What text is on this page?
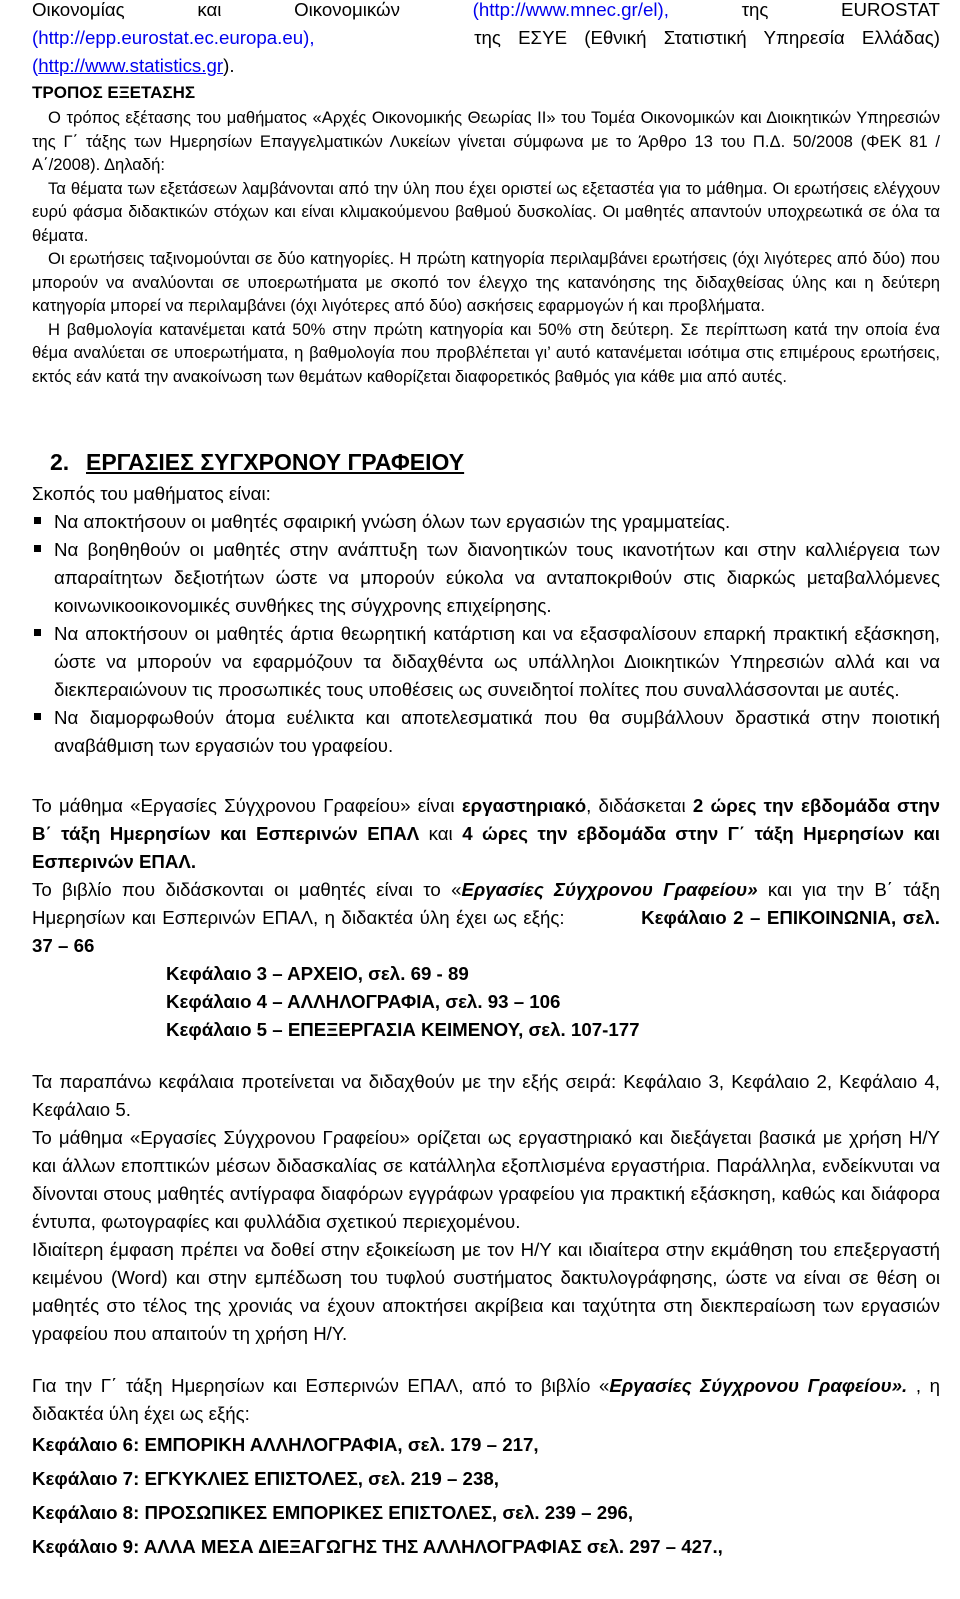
Οικονομίας	και	Οικονομικών	(http://www.mnec.gr/el),	της	EUROSTAT

(http://epp.eurostat.ec.europa.eu),	της ΕΣΥΕ (Εθνική Στατιστική Υπηρεσία Ελλάδας)

(http://www.statistics.gr).

ΤΡΟΠΟΣ ΕΞΕΤΑΣΗΣ

Ο τρόπος εξέτασης του μαθήματος «Αρχές Οικονομικής Θεωρίας ΙΙ» του Τομέα Οικονομικών και Διοικητικών Υπηρεσιών της Γ΄ τάξης των Ημερησίων Επαγγελματικών Λυκείων γίνεται σύμφωνα με το Άρθρο 13 του Π.Δ. 50/2008 (ΦΕΚ 81 /Α΄/2008). Δηλαδή:

Τα θέματα των εξετάσεων λαμβάνονται από την ύλη που έχει οριστεί ως εξεταστέα για το μάθημα. Οι ερωτήσεις ελέγχουν ευρύ φάσμα διδακτικών στόχων και είναι κλιμακούμενου βαθμού δυσκολίας. Οι μαθητές απαντούν υποχρεωτικά σε όλα τα θέματα.

Οι ερωτήσεις ταξινομούνται σε δύο κατηγορίες. Η πρώτη κατηγορία περιλαμβάνει ερωτήσεις (όχι λιγότερες από δύο) που μπορούν να αναλύονται σε υποερωτήματα με σκοπό τον έλεγχο της κατανόησης της διδαχθείσας ύλης και η δεύτερη κατηγορία μπορεί να περιλαμβάνει (όχι λιγότερες από δύο) ασκήσεις εφαρμογών ή και προβλήματα.

Η βαθμολογία κατανέμεται κατά 50% στην πρώτη κατηγορία και 50% στη δεύτερη. Σε περίπτωση κατά την οποία ένα θέμα αναλύεται σε υποερωτήματα, η βαθμολογία που προβλέπεται γι’ αυτό κατανέμεται ισότιμα στις επιμέρους ερωτήσεις, εκτός εάν κατά την ανακοίνωση των θεμάτων καθορίζεται διαφορετικός βαθμός για κάθε μια από αυτές.

2. ΕΡΓΑΣΙΕΣ ΣΥΓΧΡΟΝΟΥ ΓΡΑΦΕΙΟΥ

Σκοπός του μαθήματος είναι:

Να αποκτήσουν οι μαθητές σφαιρική γνώση όλων των εργασιών της γραμματείας.
Να βοηθηθούν οι μαθητές στην ανάπτυξη των διανοητικών τους ικανοτήτων και στην καλλιέργεια των απαραίτητων δεξιοτήτων ώστε να μπορούν εύκολα να ανταποκριθούν στις διαρκώς μεταβαλλόμενες κοινωνικοοικονομικές συνθήκες της σύγχρονης επιχείρησης.
Να αποκτήσουν οι μαθητές άρτια θεωρητική κατάρτιση και να εξασφαλίσουν επαρκή πρακτική εξάσκηση, ώστε να μπορούν να εφαρμόζουν τα διδαχθέντα ως υπάλληλοι Διοικητικών Υπηρεσιών αλλά και να διεκπεραιώνουν τις προσωπικές τους υποθέσεις ως συνειδητοί πολίτες που συναλλάσσονται με αυτές.
Να διαμορφωθούν άτομα ευέλικτα και αποτελεσματικά που θα συμβάλλουν δραστικά στην ποιοτική αναβάθμιση των εργασιών του γραφείου.

Το μάθημα «Εργασίες Σύγχρονου Γραφείου» είναι εργαστηριακό, διδάσκεται 2 ώρες την εβδομάδα στην Β΄ τάξη Ημερησίων και Εσπερινών ΕΠΑΛ και 4 ώρες την εβδομάδα στην Γ΄ τάξη Ημερησίων και Εσπερινών ΕΠΑΛ.

Το βιβλίο που διδάσκονται οι μαθητές είναι το «Εργασίες Σύγχρονου Γραφείου» και για την Β΄ τάξη Ημερησίων και Εσπερινών ΕΠΑΛ, η διδακτέα ύλη έχει ως εξής:	Κεφάλαιο 2 – ΕΠΙΚΟΙΝΩΝΙΑ, σελ. 37 – 66

Κεφάλαιο 3 – ΑΡΧΕΙΟ, σελ. 69 - 89

Κεφάλαιο 4 – ΑΛΛΗΛΟΓΡΑΦΙΑ, σελ. 93 – 106

Κεφάλαιο 5 – ΕΠΕΞΕΡΓΑΣΙΑ ΚΕΙΜΕΝΟΥ, σελ. 107-177

Τα παραπάνω κεφάλαια προτείνεται να διδαχθούν με την εξής σειρά: Κεφάλαιο 3, Κεφάλαιο 2, Κεφάλαιο 4, Κεφάλαιο 5.

Το μάθημα «Εργασίες Σύγχρονου Γραφείου» ορίζεται ως εργαστηριακό και διεξάγεται βασικά με χρήση Η/Υ και άλλων εποπτικών μέσων διδασκαλίας σε κατάλληλα εξοπλισμένα εργαστήρια. Παράλληλα, ενδείκνυται να δίνονται στους μαθητές αντίγραφα διαφόρων εγγράφων γραφείου για πρακτική εξάσκηση, καθώς και διάφορα έντυπα, φωτογραφίες και φυλλάδια σχετικού περιεχομένου.

Ιδιαίτερη έμφαση πρέπει να δοθεί στην εξοικείωση με τον Η/Υ και ιδιαίτερα στην εκμάθηση του επεξεργαστή κειμένου (Word) και στην εμπέδωση του τυφλού συστήματος δακτυλογράφησης, ώστε να είναι σε θέση οι μαθητές στο τέλος της χρονιάς να έχουν αποκτήσει ακρίβεια και ταχύτητα στη διεκπεραίωση των εργασιών γραφείου που απαιτούν τη χρήση Η/Υ.

Για την Γ΄ τάξη Ημερησίων και Εσπερινών ΕΠΑΛ, από το βιβλίο «Εργασίες Σύγχρονου Γραφείου». , η διδακτέα ύλη έχει ως εξής:

Κεφάλαιο 6: ΕΜΠΟΡΙΚΗ ΑΛΛΗΛΟΓΡΑΦΙΑ, σελ. 179 – 217,

Κεφάλαιο 7: ΕΓΚΥΚΛΙΕΣ ΕΠΙΣΤΟΛΕΣ, σελ. 219 – 238,

Κεφάλαιο 8: ΠΡΟΣΩΠΙΚΕΣ ΕΜΠΟΡΙΚΕΣ ΕΠΙΣΤΟΛΕΣ, σελ. 239 – 296,

Κεφάλαιο 9: ΑΛΛΑ ΜΕΣΑ ΔΙΕΞΑΓΩΓΗΣ ΤΗΣ ΑΛΛΗΛΟΓΡΑΦΙΑΣ σελ. 297 – 427.,
